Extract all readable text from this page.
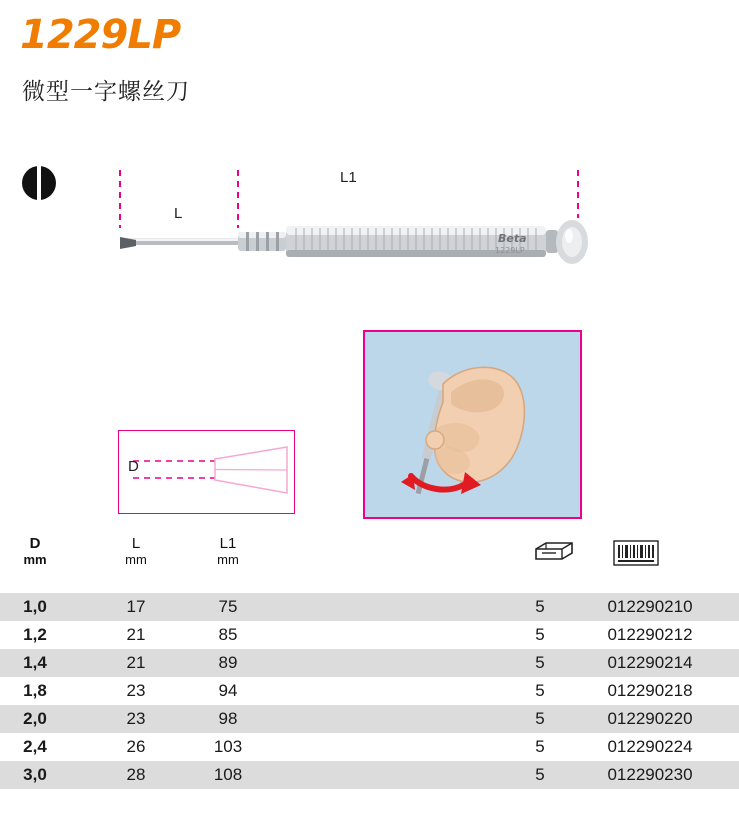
1229LP
微型一字螺丝刀
Beta
1229LP
L
L1
D
D
mm
L
mm
L1
mm
1,0	17	75	5	012290210
1,2	21	85	5	012290212
1,4	21	89	5	012290214
1,8	23	94	5	012290218
2,0	23	98	5	012290220
2,4	26	103	5	012290224
3,0	28	108	5	012290230
